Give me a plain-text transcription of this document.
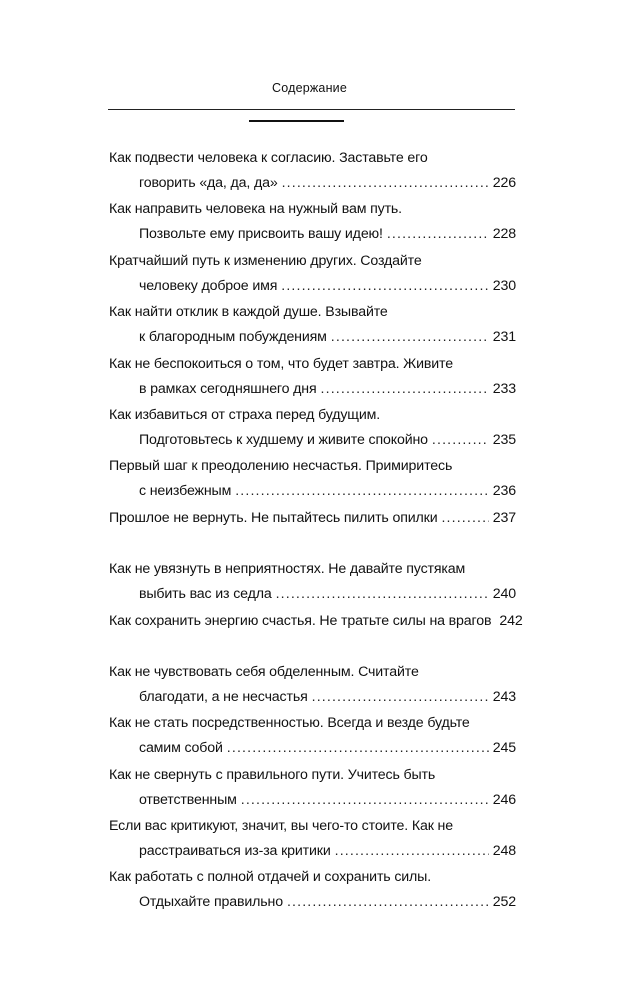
Содержание
Как подвести человека к согласию. Заставьте его
говорить «да, да, да» . . .	226
Как направить человека на нужный вам путь.
Позвольте ему присвоить вашу идею! . . .	228
Кратчайший путь к изменению других. Создайте
человеку доброе имя . . .	230
Как найти отклик в каждой душе. Взывайте
к благородным побуждениям . . .	231
Как не беспокоиться о том, что будет завтра. Живите
в рамках сегодняшнего дня . . .	233
Как избавиться от страха перед будущим.
Подготовьтесь к худшему и живите спокойно . . .	235
Первый шаг к преодолению несчастья. Примиритесь
с неизбежным . . .	236
Прошлое не вернуть. Не пытайтесь пилить опилки . . .	237
Как не увязнуть в неприятностях. Не давайте пустякам
выбить вас из седла . . .	240
Как сохранить энергию счастья. Не тратьте силы на врагов 242
Как не чувствовать себя обделенным. Считайте
благодати, а не несчастья . . .	243
Как не стать посредственностью. Всегда и везде будьте
самим собой . . .	245
Как не свернуть с правильного пути. Учитесь быть
ответственным . . .	246
Если вас критикуют, значит, вы чего-то стоите. Как не
расстраиваться из-за критики . . .	248
Как работать с полной отдачей и сохранить силы.
Отдыхайте правильно . . .	252
